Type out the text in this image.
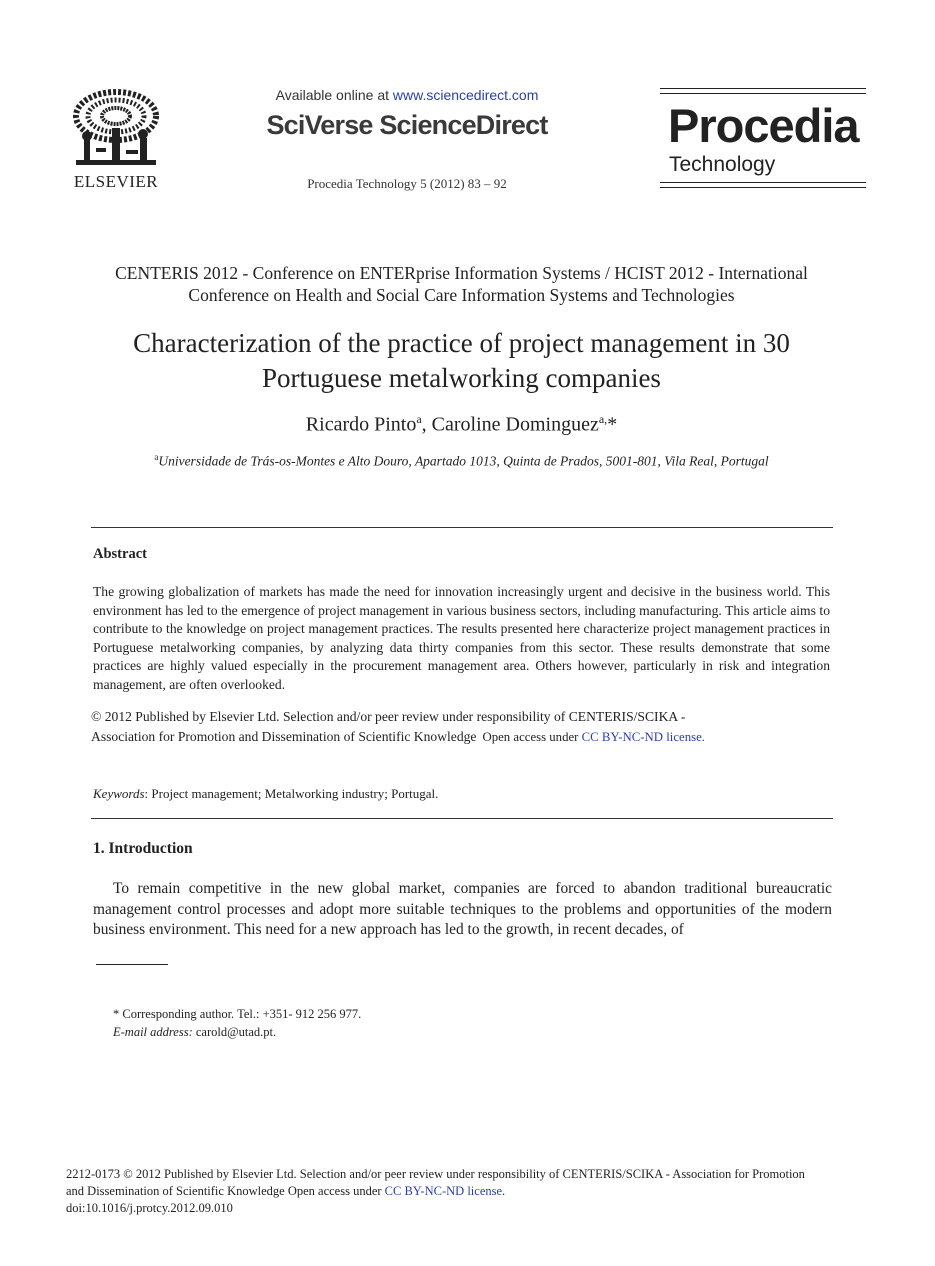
ELSEVIER
Available online at www.sciencedirect.com
SciVerse ScienceDirect
Procedia Technology 5 (2012) 83 – 92
Procedia
Technology
CENTERIS 2012 - Conference on ENTERprise Information Systems / HCIST 2012 - International
Conference on Health and Social Care Information Systems and Technologies
Characterization of the practice of project management in 30
Portuguese metalworking companies
Ricardo Pinto$^a$, Caroline Dominguez$^{a,}$*
$^a$Universidade de Trás-os-Montes e Alto Douro, Apartado 1013, Quinta de Prados, 5001-801, Vila Real, Portugal
Abstract
The growing globalization of markets has made the need for innovation increasingly urgent and decisive in the business world. This environment has led to the emergence of project management in various business sectors, including manufacturing. This article aims to contribute to the knowledge on project management practices. The results presented here characterize project management practices in Portuguese metalworking companies, by analyzing data thirty companies from this sector. These results demonstrate that some practices are highly valued especially in the procurement management area. Others however, particularly in risk and integration management, are often overlooked.
© 2012 Published by Elsevier Ltd. Selection and/or peer review under responsibility of CENTERIS/SCIKA -
Association for Promotion and Dissemination of Scientific Knowledge Open access under CC BY-NC-ND license.
Keywords: Project management; Metalworking industry; Portugal.
1. Introduction
To remain competitive in the new global market, companies are forced to abandon traditional bureaucratic management control processes and adopt more suitable techniques to the problems and opportunities of the modern business environment. This need for a new approach has led to the growth, in recent decades, of
* Corresponding author. Tel.: +351- 912 256 977.
E-mail address: carold@utad.pt.
2212-0173 © 2012 Published by Elsevier Ltd. Selection and/or peer review under responsibility of CENTERIS/SCIKA - Association for Promotion
and Dissemination of Scientific Knowledge Open access under CC BY-NC-ND license.
doi:10.1016/j.protcy.2012.09.010
